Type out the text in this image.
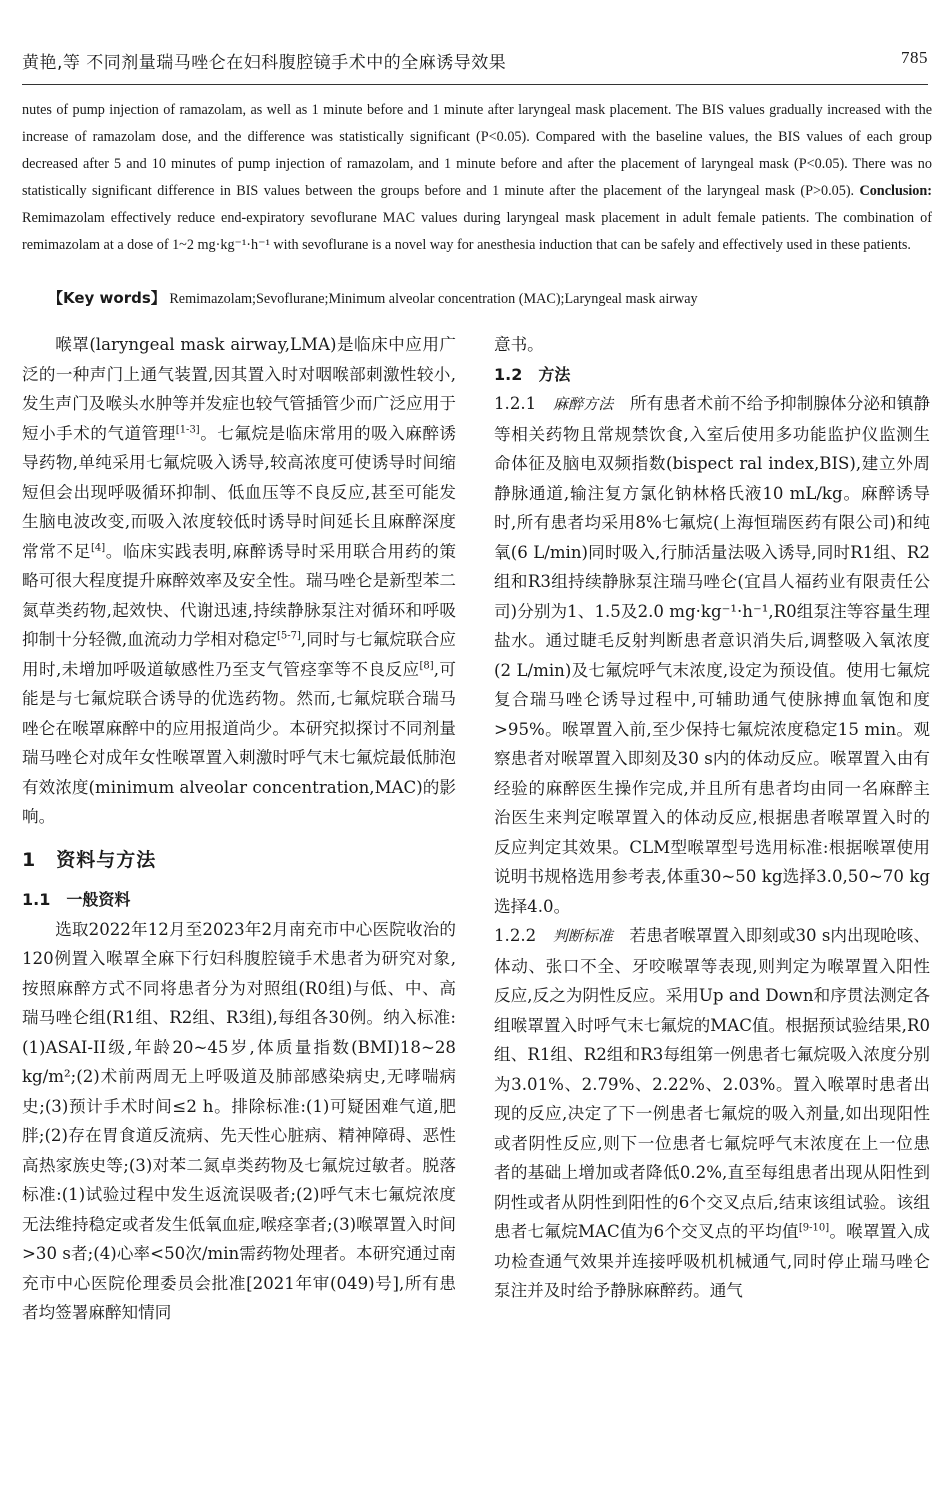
黄艳,等 不同剂量瑞马唑仑在妇科腹腔镜手术中的全麻诱导效果	785

nutes of pump injection of ramazolam, as well as 1 minute before and 1 minute after laryngeal mask placement. The BIS values gradually increased with the increase of ramazolam dose, and the difference was statistically significant (P<0.05). Compared with the baseline values, the BIS values of each group decreased after 5 and 10 minutes of pump injection of ramazolam, and 1 minute before and after the placement of laryngeal mask (P<0.05). There was no statistically significant difference in BIS values between the groups before and 1 minute after the placement of the laryngeal mask (P>0.05). Conclusion: Remimazolam effectively reduce end-expiratory sevoflurane MAC values during laryngeal mask placement in adult female patients. The combination of remimazolam at a dose of 1~2 mg·kg⁻¹·h⁻¹ with sevoflurane is a novel way for anesthesia induction that can be safely and effectively used in these patients.

【Key words】 Remimazolam;Sevoflurane;Minimum alveolar concentration (MAC);Laryngeal mask airway

喉罩(laryngeal mask airway,LMA)是临床中应用广泛的一种声门上通气装置,因其置入时对咽喉部刺激性较小,发生声门及喉头水肿等并发症也较气管插管少而广泛应用于短小手术的气道管理[1-3]。七氟烷是临床常用的吸入麻醉诱导药物,单纯采用七氟烷吸入诱导,较高浓度可使诱导时间缩短但会出现呼吸循环抑制、低血压等不良反应,甚至可能发生脑电波改变,而吸入浓度较低时诱导时间延长且麻醉深度常常不足[4]。临床实践表明,麻醉诱导时采用联合用药的策略可很大程度提升麻醉效率及安全性。瑞马唑仑是新型苯二氮草类药物,起效快、代谢迅速,持续静脉泵注对循环和呼吸抑制十分轻微,血流动力学相对稳定[5-7],同时与七氟烷联合应用时,未增加呼吸道敏感性乃至支气管痉挛等不良反应[8],可能是与七氟烷联合诱导的优选药物。然而,七氟烷联合瑞马唑仑在喉罩麻醉中的应用报道尚少。本研究拟探讨不同剂量瑞马唑仑对成年女性喉罩置入刺激时呼气末七氟烷最低肺泡有效浓度(minimum alveolar concentration,MAC)的影响。

1　资料与方法
1.1　一般资料

选取2022年12月至2023年2月南充市中心医院收治的120例置入喉罩全麻下行妇科腹腔镜手术患者为研究对象,按照麻醉方式不同将患者分为对照组(R0组)与低、中、高瑞马唑仑组(R1组、R2组、R3组),每组各30例。纳入标准:(1)ASAI-II级,年龄20~45岁,体质量指数(BMI)18~28 kg/m²;(2)术前两周无上呼吸道及肺部感染病史,无哮喘病史;(3)预计手术时间≤2 h。排除标准:(1)可疑困难气道,肥胖;(2)存在胃食道反流病、先天性心脏病、精神障碍、恶性高热家族史等;(3)对苯二氮卓类药物及七氟烷过敏者。脱落标准:(1)试验过程中发生返流误吸者;(2)呼气末七氟烷浓度无法维持稳定或者发生低氧血症,喉痉挛者;(3)喉罩置入时间>30 s者;(4)心率<50次/min需药物处理者。本研究通过南充市中心医院伦理委员会批准[2021年审(049)号],所有患者均签署麻醉知情同

意书。

1.2　方法

1.2.1　 麻醉方法　 所有患者术前不给予抑制腺体分泌和镇静等相关药物且常规禁饮食,入室后使用多功能监护仪监测生命体征及脑电双频指数(bispect ral index,BIS),建立外周静脉通道,输注复方氯化钠林格氏液10 mL/kg。麻醉诱导时,所有患者均采用8%七氟烷(上海恒瑞医药有限公司)和纯氧(6 L/min)同时吸入,行肺活量法吸入诱导,同时R1组、R2组和R3组持续静脉泵注瑞马唑仑(宜昌人福药业有限责任公司)分别为1、1.5及2.0 mg·kg⁻¹·h⁻¹,R0组泵注等容量生理盐水。通过睫毛反射判断患者意识消失后,调整吸入氧浓度(2 L/min)及七氟烷呼气末浓度,设定为预设值。使用七氟烷复合瑞马唑仑诱导过程中,可辅助通气使脉搏血氧饱和度>95%。喉罩置入前,至少保持七氟烷浓度稳定15 min。观察患者对喉罩置入即刻及30 s内的体动反应。喉罩置入由有经验的麻醉医生操作完成,并且所有患者均由同一名麻醉主治医生来判定喉罩置入的体动反应,根据患者喉罩置入时的反应判定其效果。CLM型喉罩型号选用标准:根据喉罩使用说明书规格选用参考表,体重30~50 kg选择3.0,50~70 kg选择4.0。

1.2.2　 判断标准　 若患者喉罩置入即刻或30 s内出现呛咳、体动、张口不全、牙咬喉罩等表现,则判定为喉罩置入阳性反应,反之为阴性反应。采用Up and Down和序贯法测定各组喉罩置入时呼气末七氟烷的MAC值。根据预试验结果,R0组、R1组、R2组和R3每组第一例患者七氟烷吸入浓度分别为3.01%、2.79%、2.22%、2.03%。置入喉罩时患者出现的反应,决定了下一例患者七氟烷的吸入剂量,如出现阳性或者阴性反应,则下一位患者七氟烷呼气末浓度在上一位患者的基础上增加或者降低0.2%,直至每组患者出现从阳性到阴性或者从阴性到阳性的6个交叉点后,结束该组试验。该组患者七氟烷MAC值为6个交叉点的平均值[9-10]。喉罩置入成功检查通气效果并连接呼吸机机械通气,同时停止瑞马唑仑泵注并及时给予静脉麻醉药。通气
